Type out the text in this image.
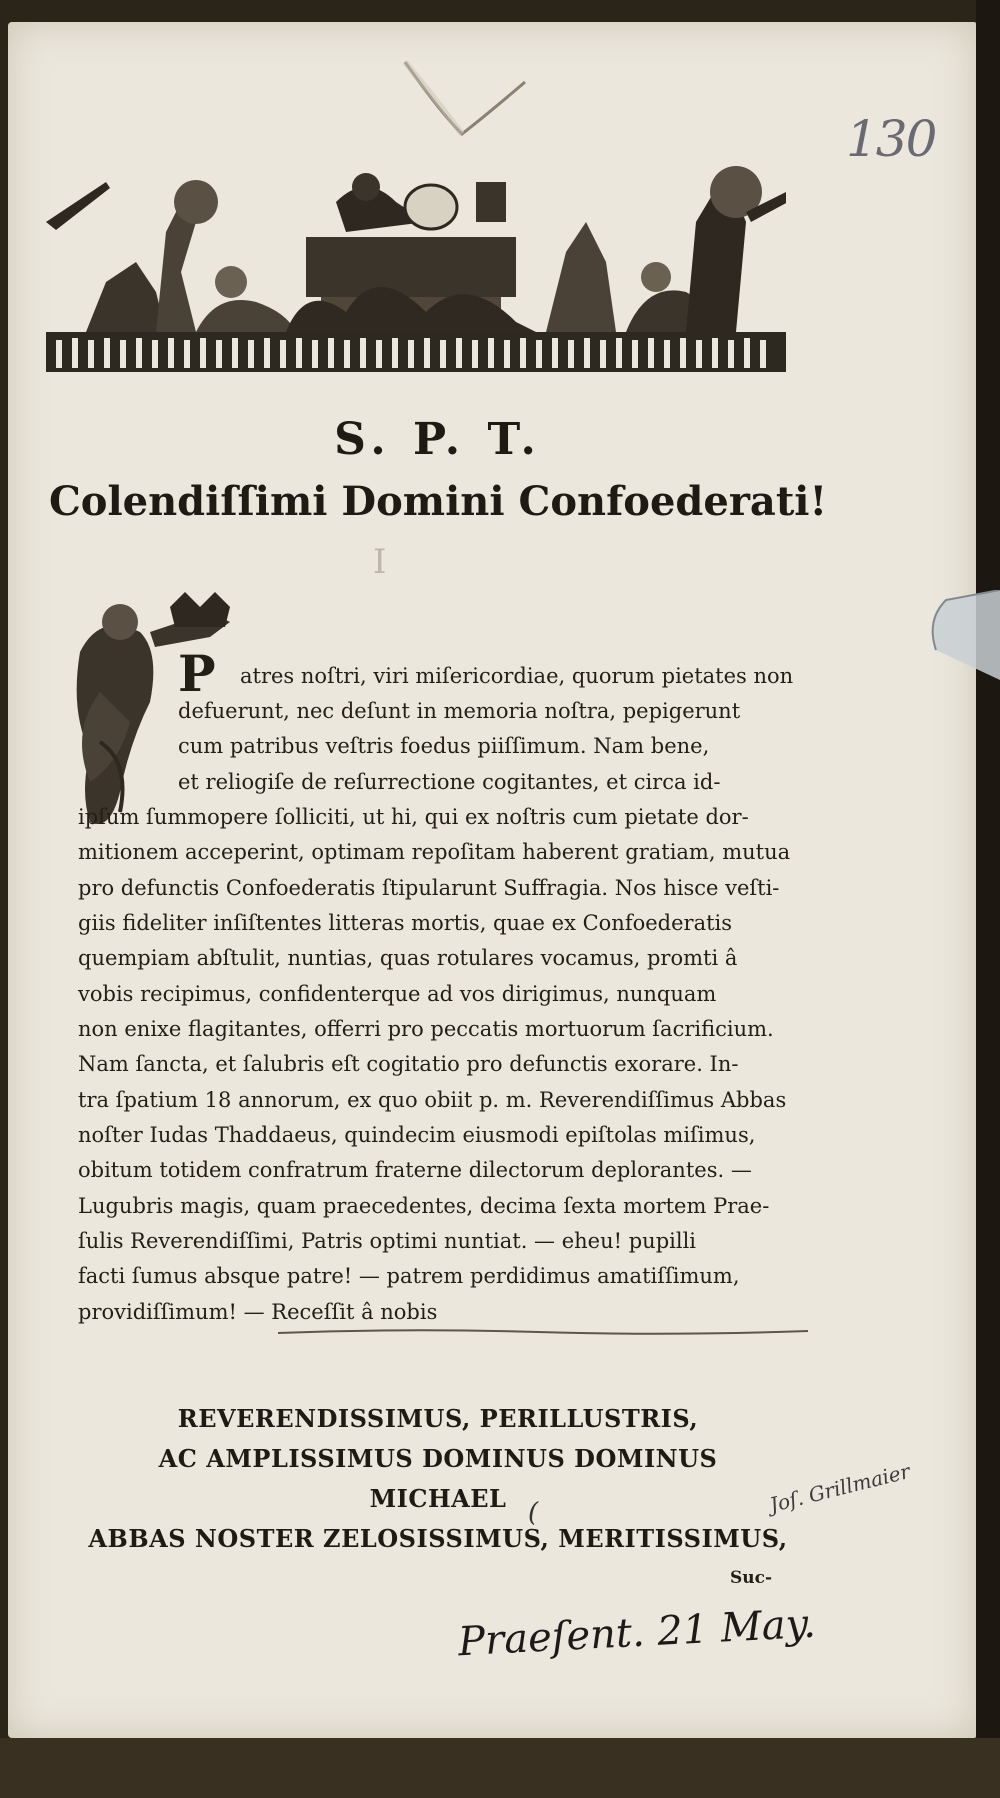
130
S. P. T.
Colendiſſimi Domini Confoederati!
I
P atres noſtri, viri miſericordiae, quorum pietates non
defuerunt, nec deſunt in memoria noſtra, pepigerunt
cum patribus veſtris foedus piiſſimum. Nam bene,
et reliogiſe de reſurrectione cogitantes, et circa id-
ipſum ſummopere ſolliciti, ut hi, qui ex noſtris cum pietate dor-
mitionem acceperint, optimam repoſitam haberent gratiam, mutua
pro defunctis Confoederatis ſtipularunt Suffragia. Nos hisce veſti-
giis fideliter inſiſtentes litteras mortis, quae ex Confoederatis
quempiam abſtulit, nuntias, quas rotulares vocamus, promti â
vobis recipimus, confidenterque ad vos dirigimus, nunquam
non enixe flagitantes, offerri pro peccatis mortuorum ſacrificium.
Nam ſancta, et ſalubris eſt cogitatio pro defunctis exorare. In-
tra ſpatium 18 annorum, ex quo obiit p. m. Reverendiſſimus Abbas
noſter Iudas Thaddaeus, quindecim eiusmodi epiſtolas miſimus,
obitum totidem confratrum fraterne dilectorum deplorantes. —
Lugubris magis, quam praecedentes, decima ſexta mortem Prae-
ſulis Reverendiſſimi, Patris optimi nuntiat. — eheu! pupilli
facti ſumus absque patre! — patrem perdidimus amatiſſimum,
providiſſimum! — Receſſit â nobis
REVERENDISSIMUS, PERILLUSTRIS,
AC AMPLISSIMUS DOMINUS DOMINUS
MICHAEL
ABBAS NOSTER ZELOSISSIMUS, MERITISSIMUS,
Suc-
(	Joſ. Grillmaier
Praeſent. 21 May.
